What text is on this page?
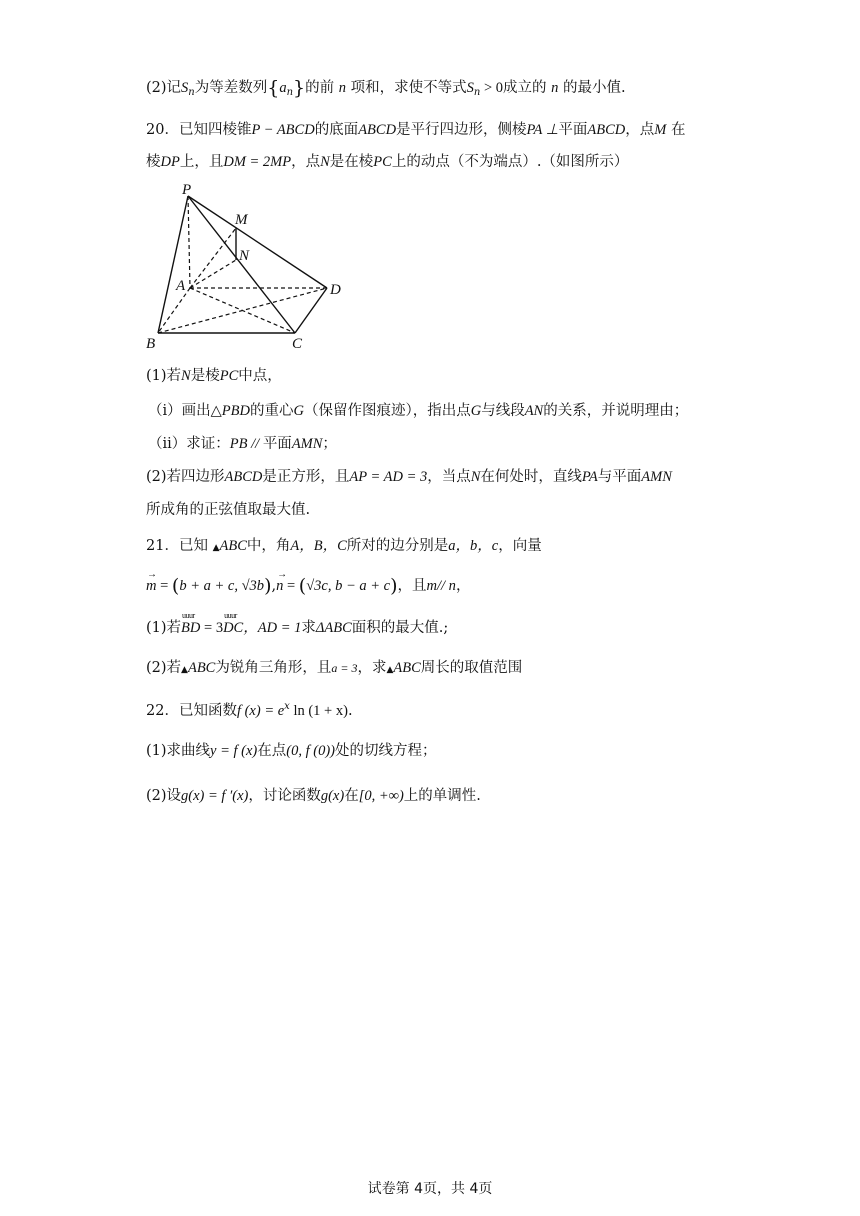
(2)记$S_n$为等差数列$\{a_n\}$的前 n 项和，求使不等式$S_n > 0$成立的 n 的最小值.
20．已知四棱锥P − ABCD的底面ABCD是平行四边形，侧棱PA ⊥平面ABCD，点M 在
棱DP上，且DM = 2MP，点N是在棱PC上的动点（不为端点）.（如图所示）
P
M
N
A	D
B	C
(1)若N是棱PC中点，
（i）画出△PBD的重心G（保留作图痕迹），指出点G与线段AN的关系，并说明理由；
（ii）求证：PB // 平面AMN；
(2)若四边形ABCD是正方形，且AP = AD = 3，当点N在何处时，直线PA与平面AMN
所成角的正弦值取最大值.
21．已知 ▲ABC中，角A，B，C所对的边分别是a，b，c，向量
→ m = (b + a + c, √3b),→ n = (√3c, b − a + c)，且m// n，
(1)若uuur BD = 3uuur DC，AD = 1求ΔABC面积的最大值.;
(2)若▲ABC为锐角三角形，且a = 3，求▲ABC周长的取值范围
22．已知函数f $(x) = e^x$ ln (1 + x).
(1)求曲线y = f (x)在点(0, f (0))处的切线方程；
(2)设g(x) = f ′(x)，讨论函数g(x)在[0, +∞)上的单调性.
试卷第 4页，共 4页
